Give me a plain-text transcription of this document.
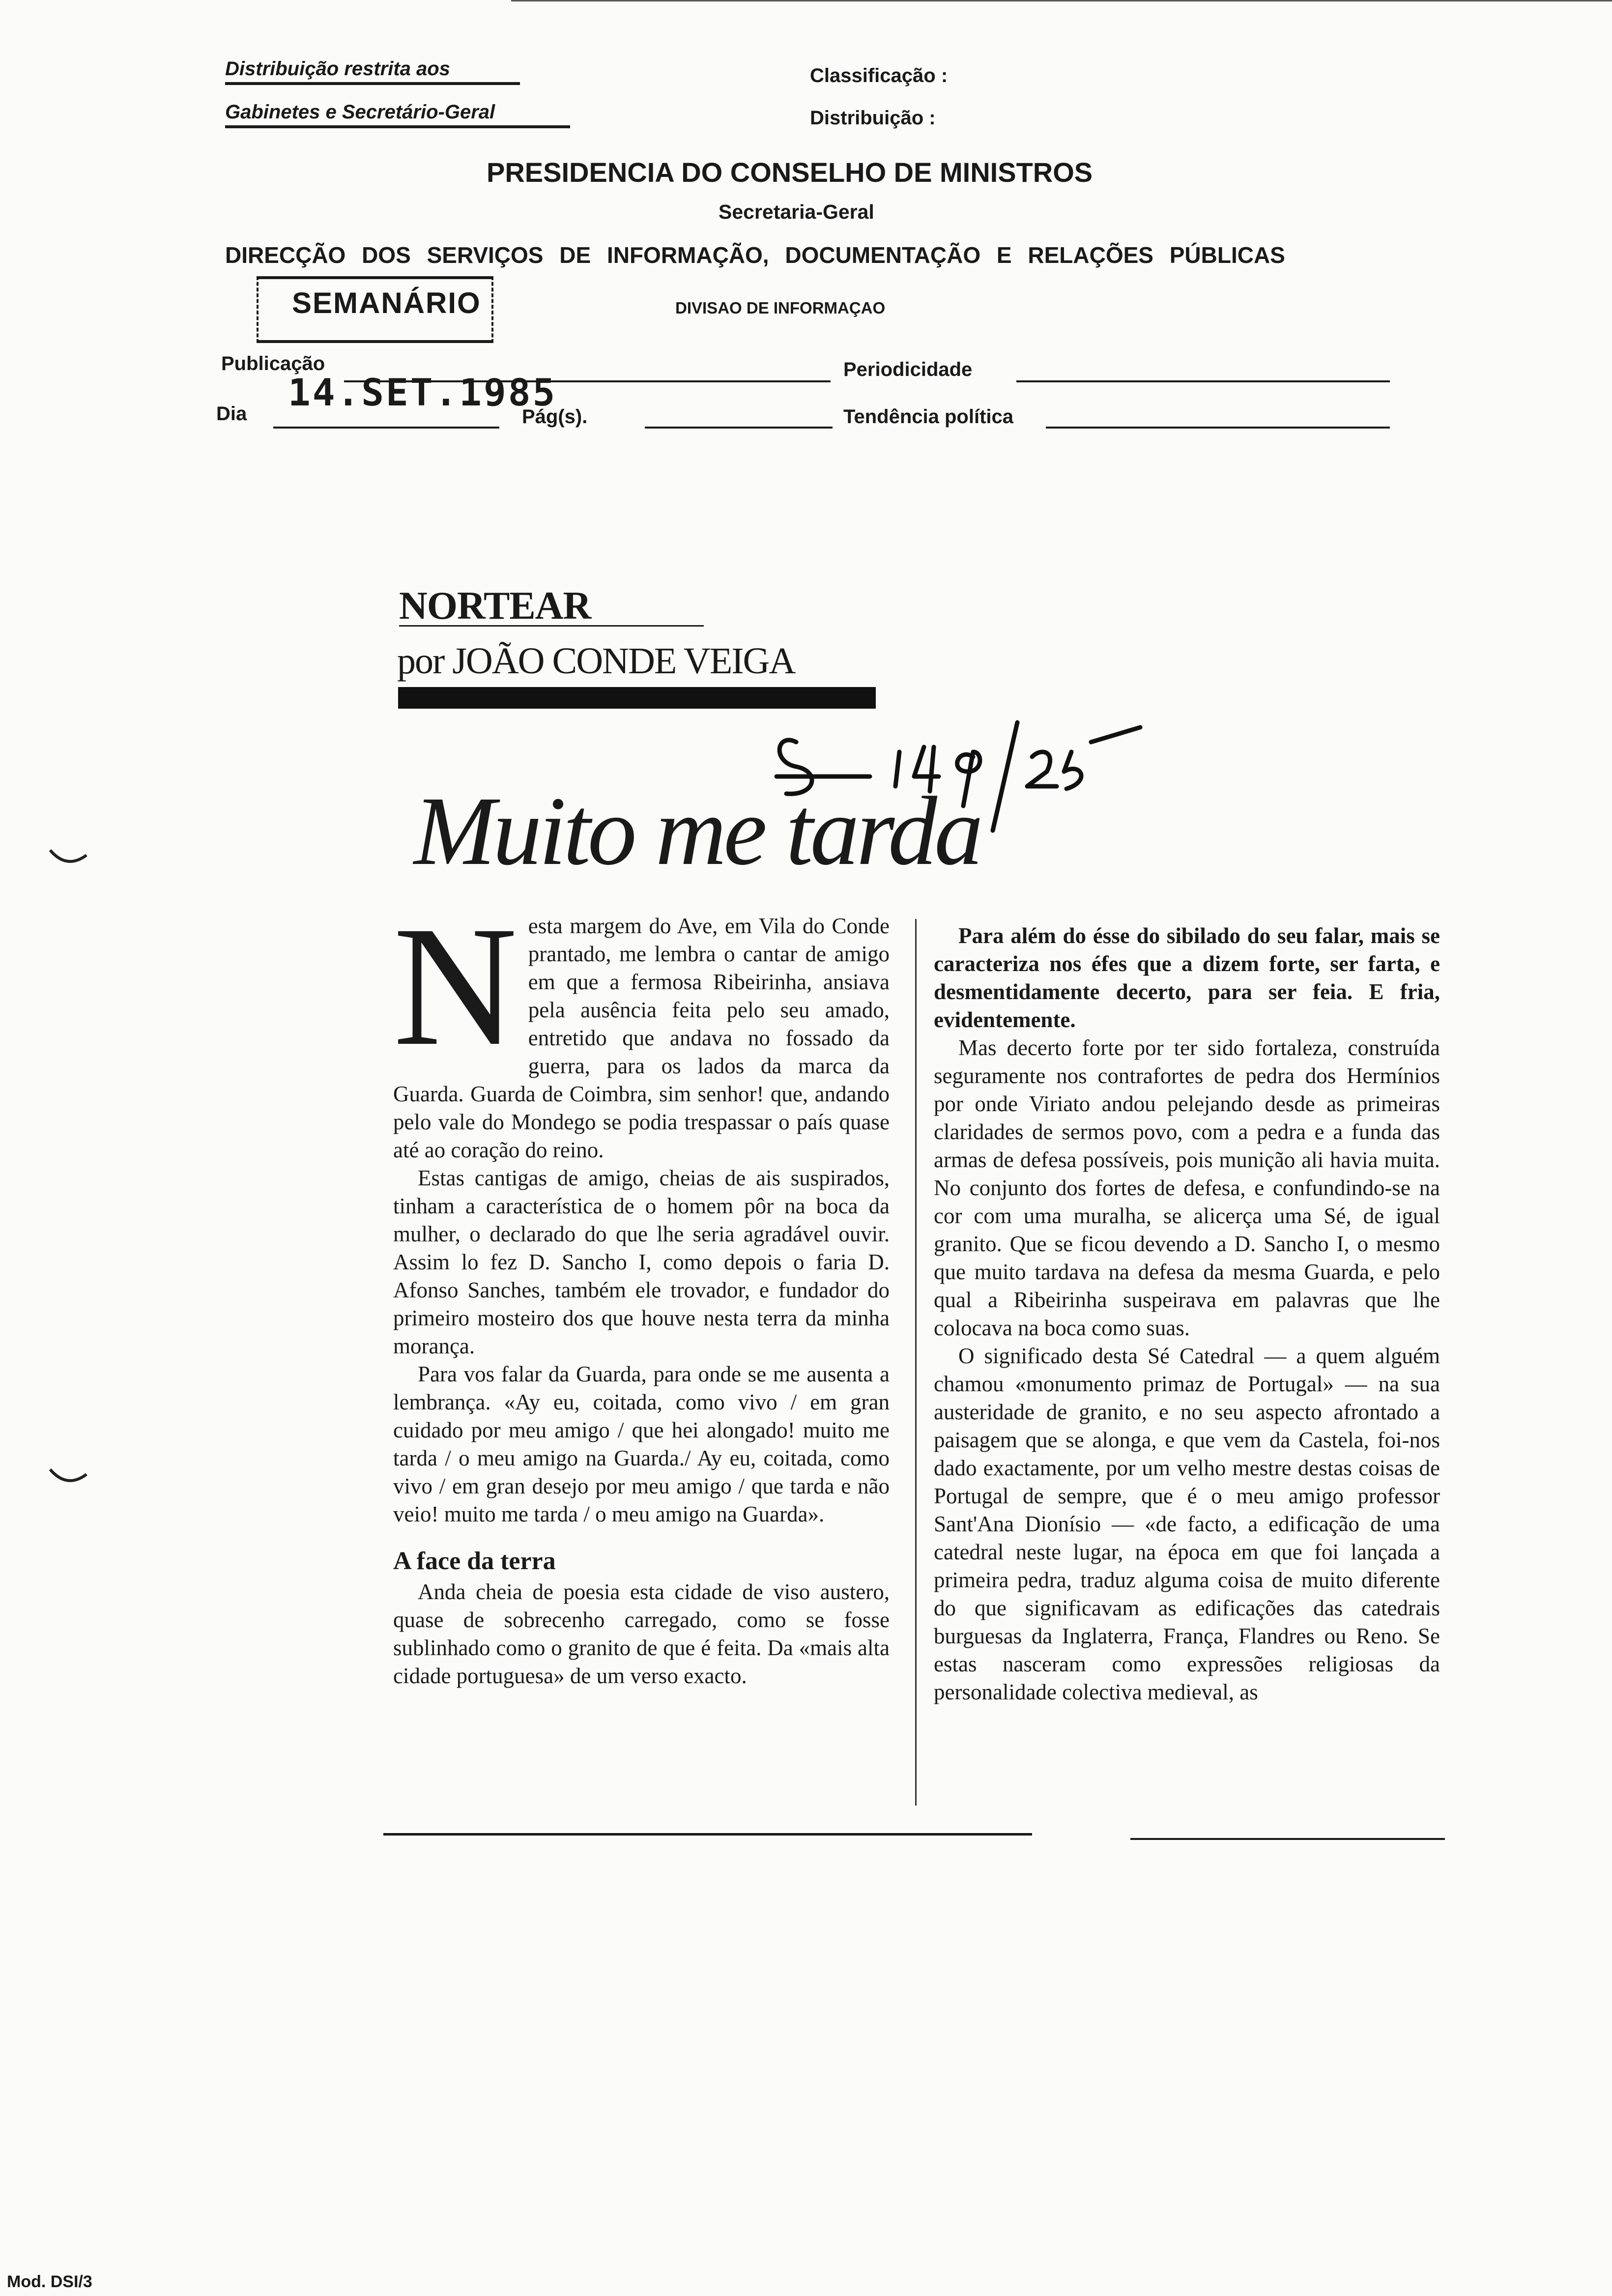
Distribuição restrita aos
Gabinetes e Secretário-Geral
Classificação :
Distribuição :
PRESIDENCIA DO CONSELHO DE MINISTROS
Secretaria-Geral
DIRECÇÃO DOS SERVIÇOS DE INFORMAÇÃO, DOCUMENTAÇÃO E RELAÇÕES PÚBLICAS
SEMANÁRIO	DIVISAO DE INFORMAÇAO
Publicação
14.SET.1985
Periodicidade
Dia	Pág(s).	Tendência política
NORTEAR
por JOÃO CONDE VEIGA
Muito me tarda
N esta margem do Ave, em Vila do Conde prantado, me lembra o cantar de amigo em que a fermosa Ribeirinha, ansiava pela ausência feita pelo seu amado, entretido que andava no fossado da guerra, para os lados da marca da Guarda. Guarda de Coimbra, sim senhor! que, andando pelo vale do Mondego se podia trespassar o país quase até ao coração do reino.

Estas cantigas de amigo, cheias de ais suspirados, tinham a característica de o homem pôr na boca da mulher, o declarado do que lhe seria agradável ouvir. Assim lo fez D. Sancho I, como depois o faria D. Afonso Sanches, também ele trovador, e fundador do primeiro mosteiro dos que houve nesta terra da minha morança.

Para vos falar da Guarda, para onde se me ausenta a lembrança. «Ay eu, coitada, como vivo / em gran cuidado por meu amigo / que hei alongado! muito me tarda / o meu amigo na Guarda./ Ay eu, coitada, como vivo / em gran desejo por meu amigo / que tarda e não veio! muito me tarda / o meu amigo na Guarda».

A face da terra

Anda cheia de poesia esta cidade de viso austero, quase de sobrecenho carregado, como se fosse sublinhado como o granito de que é feita. Da «mais alta cidade portuguesa» de um verso exacto.

Para além do ésse do sibilado do seu falar, mais se caracteriza nos éfes que a dizem forte, ser farta, e desmentidamente decerto, para ser feia. E fria, evidentemente.

Mas decerto forte por ter sido fortaleza, construída seguramente nos contrafortes de pedra dos Hermínios por onde Viriato andou pelejando desde as primeiras claridades de sermos povo, com a pedra e a funda das armas de defesa possíveis, pois munição ali havia muita. No conjunto dos fortes de defesa, e confundindo-se na cor com uma muralha, se alicerça uma Sé, de igual granito. Que se ficou devendo a D. Sancho I, o mesmo que muito tardava na defesa da mesma Guarda, e pelo qual a Ribeirinha suspeirava em palavras que lhe colocava na boca como suas.

O significado desta Sé Catedral — a quem alguém chamou «monumento primaz de Portugal» — na sua austeridade de granito, e no seu aspecto afrontado a paisagem que se alonga, e que vem da Castela, foi-nos dado exactamente, por um velho mestre destas coisas de Portugal de sempre, que é o meu amigo professor Sant'Ana Dionísio — «de facto, a edificação de uma catedral neste lugar, na época em que foi lançada a primeira pedra, traduz alguma coisa de muito diferente do que significavam as edificações das catedrais burguesas da Inglaterra, França, Flandres ou Reno. Se estas nasceram como expressões religiosas da personalidade colectiva medieval, as

Mod. DSI/3
